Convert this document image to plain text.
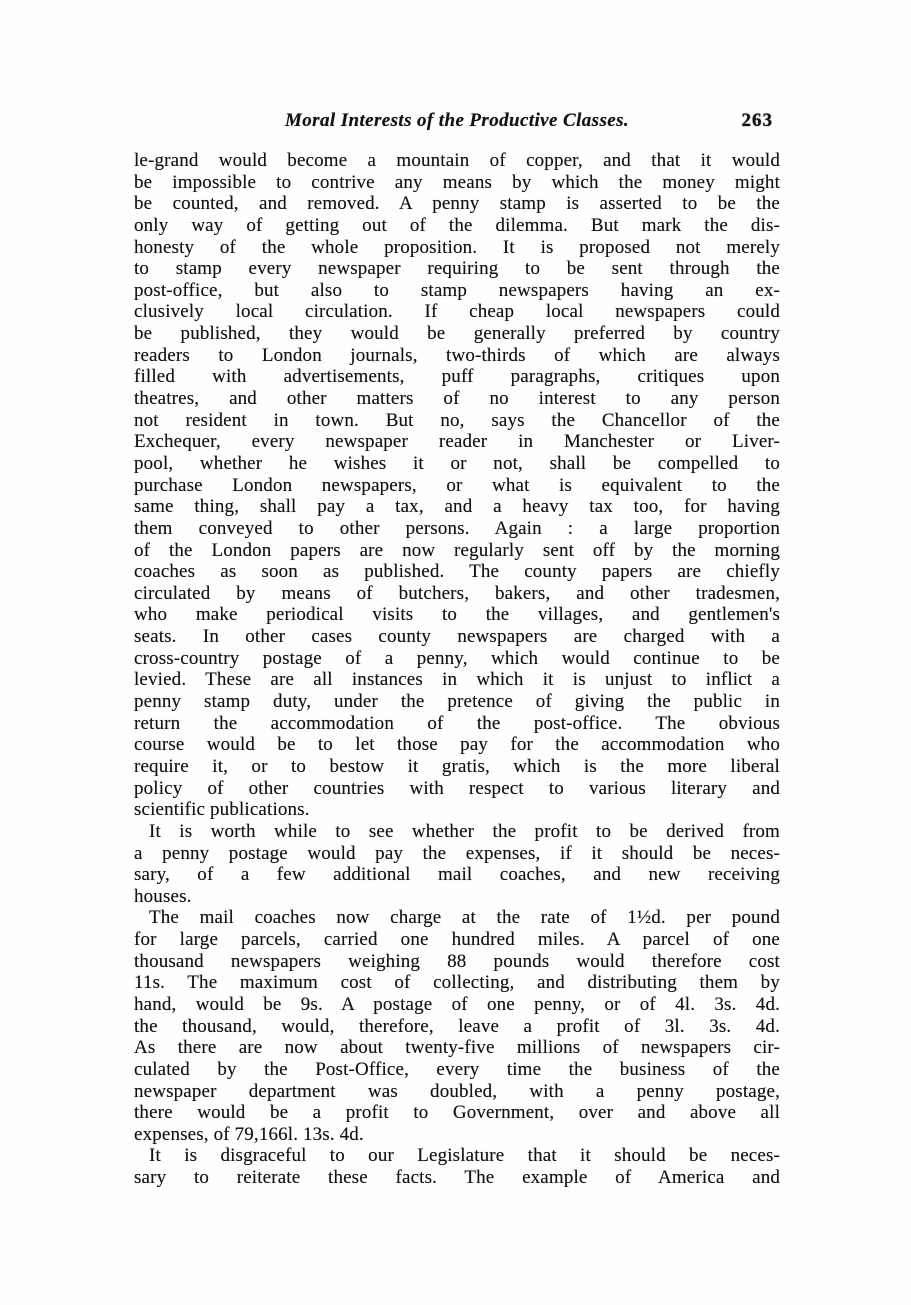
Moral Interests of the Productive Classes.	263
le-grand would become a mountain of copper, and that it would
be impossible to contrive any means by which the money might
be counted, and removed. A penny stamp is asserted to be the
only way of getting out of the dilemma. But mark the dis-
honesty of the whole proposition. It is proposed not merely
to stamp every newspaper requiring to be sent through the
post-office, but also to stamp newspapers having an ex-
clusively local circulation. If cheap local newspapers could
be published, they would be generally preferred by country
readers to London journals, two-thirds of which are always
filled with advertisements, puff paragraphs, critiques upon
theatres, and other matters of no interest to any person
not resident in town. But no, says the Chancellor of the
Exchequer, every newspaper reader in Manchester or Liver-
pool, whether he wishes it or not, shall be compelled to
purchase London newspapers, or what is equivalent to the
same thing, shall pay a tax, and a heavy tax too, for having
them conveyed to other persons. Again : a large proportion
of the London papers are now regularly sent off by the morning
coaches as soon as published. The county papers are chiefly
circulated by means of butchers, bakers, and other tradesmen,
who make periodical visits to the villages, and gentlemen's
seats. In other cases county newspapers are charged with a
cross-country postage of a penny, which would continue to be
levied. These are all instances in which it is unjust to inflict a
penny stamp duty, under the pretence of giving the public in
return the accommodation of the post-office. The obvious
course would be to let those pay for the accommodation who
require it, or to bestow it gratis, which is the more liberal
policy of other countries with respect to various literary and
scientific publications.
It is worth while to see whether the profit to be derived from
a penny postage would pay the expenses, if it should be neces-
sary, of a few additional mail coaches, and new receiving
houses.
The mail coaches now charge at the rate of 1½d. per pound
for large parcels, carried one hundred miles. A parcel of one
thousand newspapers weighing 88 pounds would therefore cost
11s. The maximum cost of collecting, and distributing them by
hand, would be 9s. A postage of one penny, or of 4l. 3s. 4d.
the thousand, would, therefore, leave a profit of 3l. 3s. 4d.
As there are now about twenty-five millions of newspapers cir-
culated by the Post-Office, every time the business of the
newspaper department was doubled, with a penny postage,
there would be a profit to Government, over and above all
expenses, of 79,166l. 13s. 4d.
It is disgraceful to our Legislature that it should be neces-
sary to reiterate these facts. The example of America and
